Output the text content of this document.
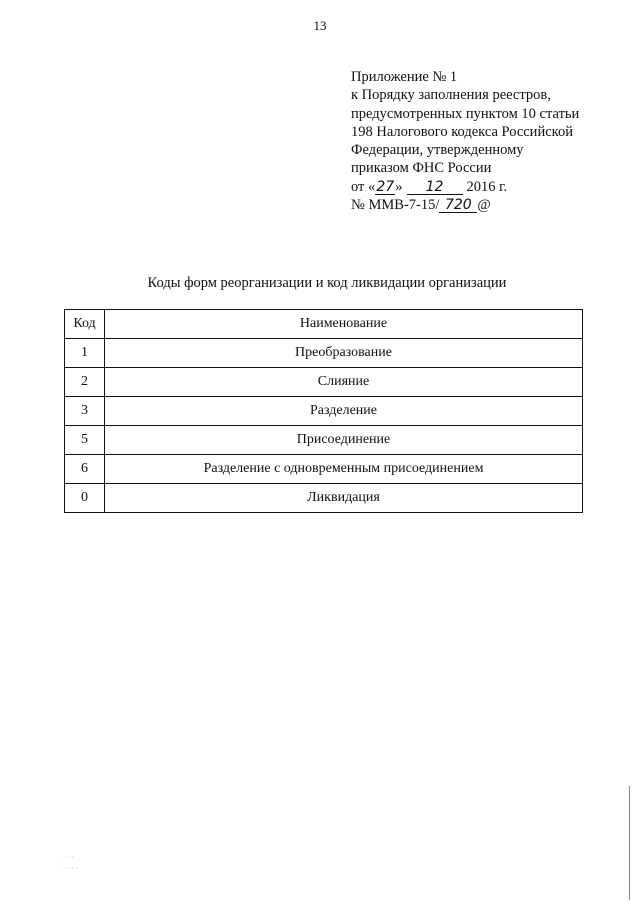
13
Приложение № 1
к Порядку заполнения реестров,
предусмотренных пунктом 10 статьи
198 Налогового кодекса Российской
Федерации, утвержденному
приказом ФНС России
от «27» 12 2016 г.
№ ММВ-7-15/ 720 @
Коды форм реорганизации и код ликвидации организации
Код	Наименование
1	Преобразование
2	Слияние
3	Разделение
5	Присоединение
6	Разделение с одновременным присоединением
0	Ликвидация
∙ ∙ ∙
∙ ∙ ∙ ∙
